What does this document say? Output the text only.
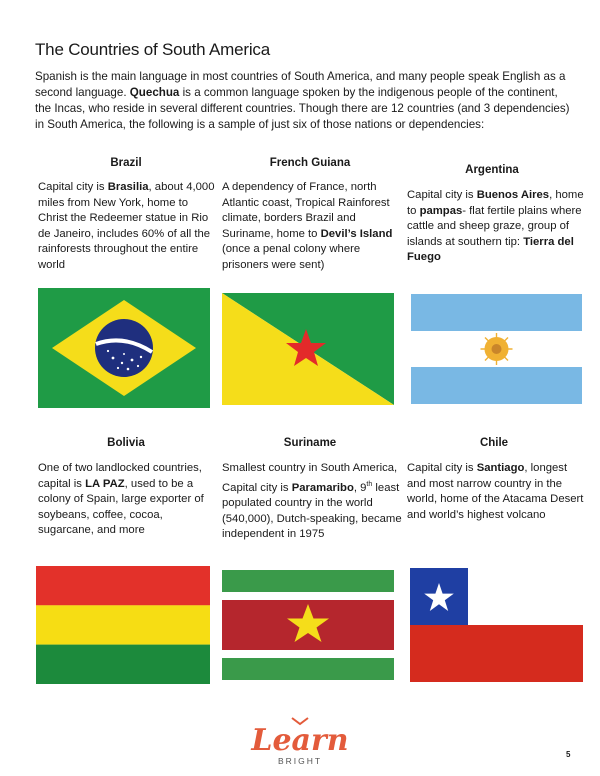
The Countries of South America
Spanish is the main language in most countries of South America, and many people speak English as a second language. Quechua is a common language spoken by the indigenous people of the continent, the Incas, who reside in several different countries. Though there are 12 countries (and 3 dependencies) in South America, the following is a sample of just six of those nations or dependencies:
Brazil
Capital city is Brasilia, about 4,000 miles from New York, home to Christ the Redeemer statue in Rio de Janeiro, includes 60% of all the rainforests throughout the entire world
French Guiana
A dependency of France, north Atlantic coast, Tropical Rainforest climate, borders Brazil and Suriname, home to Devil’s Island (once a penal colony where prisoners were sent)
Argentina
Capital city is Buenos Aires, home to pampas- flat fertile plains where cattle and sheep graze, group of islands at southern tip: Tierra del Fuego
Bolivia
One of two landlocked countries, capital is LA PAZ, used to be a colony of Spain, large exporter of soybeans, coffee, cocoa, sugarcane, and more
Suriname
Smallest country in South America, Capital city is Paramaribo, 9th least populated country in the world (540,000), Dutch-speaking, became independent in 1975
Chile
Capital city is Santiago, longest and most narrow country in the world, home of the Atacama Desert and world’s highest volcano
Learn
BRIGHT
5
